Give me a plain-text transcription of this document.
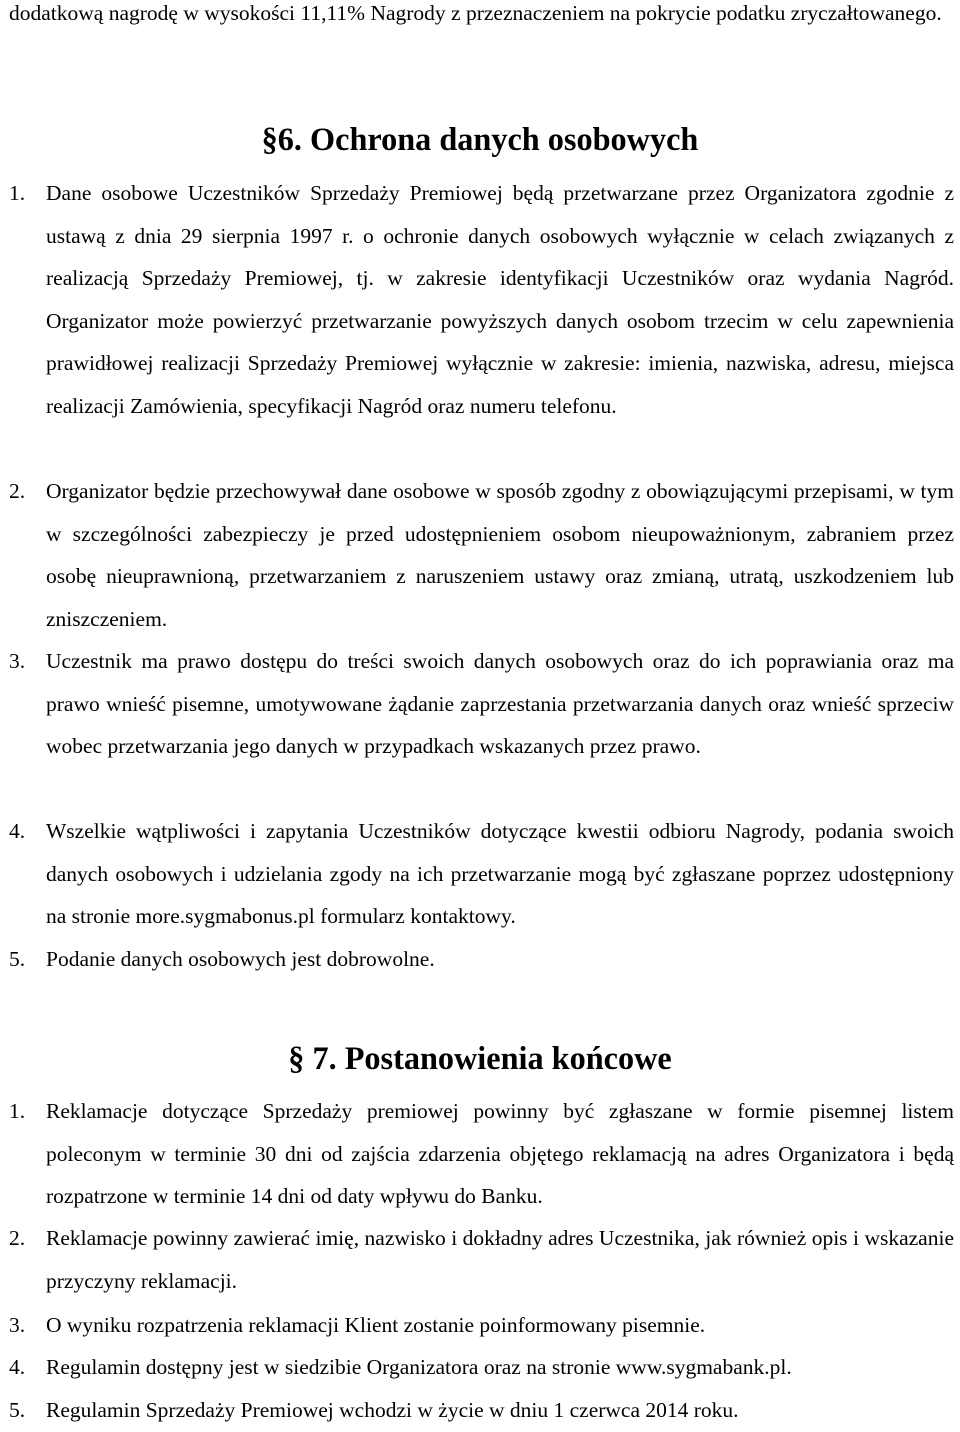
dodatkową nagrodę w wysokości 11,11% Nagrody z przeznaczeniem na pokrycie podatku zryczałtowanego.

§6. Ochrona danych osobowych
1. Dane osobowe Uczestników Sprzedaży Premiowej będą przetwarzane przez Organizatora zgodnie z ustawą z dnia 29 sierpnia 1997 r. o ochronie danych osobowych wyłącznie w celach związanych z realizacją Sprzedaży Premiowej, tj. w zakresie identyfikacji Uczestników oraz wydania Nagród. Organizator może powierzyć przetwarzanie powyższych danych osobom trzecim w celu zapewnienia prawidłowej realizacji Sprzedaży Premiowej wyłącznie w zakresie: imienia, nazwiska, adresu, miejsca realizacji Zamówienia, specyfikacji Nagród oraz numeru telefonu.
2. Organizator będzie przechowywał dane osobowe w sposób zgodny z obowiązującymi przepisami, w tym w szczególności zabezpieczy je przed udostępnieniem osobom nieupoważnionym, zabraniem przez osobę nieuprawnioną, przetwarzaniem z naruszeniem ustawy oraz zmianą, utratą, uszkodzeniem lub zniszczeniem.
3. Uczestnik ma prawo dostępu do treści swoich danych osobowych oraz do ich poprawiania oraz ma prawo wnieść pisemne, umotywowane żądanie zaprzestania przetwarzania danych oraz wnieść sprzeciw wobec przetwarzania jego danych w przypadkach wskazanych przez prawo.
4. Wszelkie wątpliwości i zapytania Uczestników dotyczące kwestii odbioru Nagrody, podania swoich danych osobowych i udzielania zgody na ich przetwarzanie mogą być zgłaszane poprzez udostępniony na stronie more.sygmabonus.pl formularz kontaktowy.
5. Podanie danych osobowych jest dobrowolne.
§ 7. Postanowienia końcowe
1. Reklamacje dotyczące Sprzedaży premiowej powinny być zgłaszane w formie pisemnej listem poleconym w terminie 30 dni od zajścia zdarzenia objętego reklamacją na adres Organizatora i będą rozpatrzone w terminie 14 dni od daty wpływu do Banku.
2. Reklamacje powinny zawierać imię, nazwisko i dokładny adres Uczestnika, jak również opis i wskazanie przyczyny reklamacji.
3. O wyniku rozpatrzenia reklamacji Klient zostanie poinformowany pisemnie.
4. Regulamin dostępny jest w siedzibie Organizatora oraz na stronie www.sygmabank.pl.
5. Regulamin Sprzedaży Premiowej wchodzi w życie w dniu 1 czerwca 2014 roku.
